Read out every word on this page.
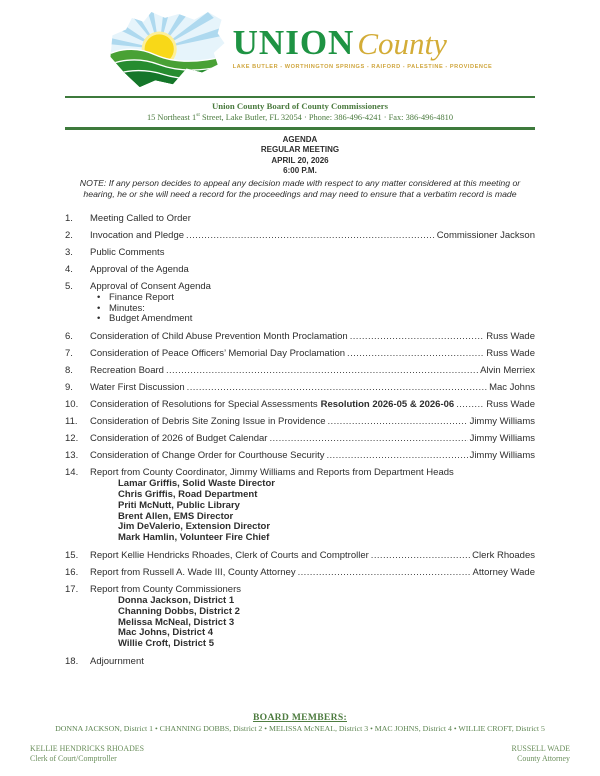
UNION County
LAKE BUTLER - WORTHINGTON SPRINGS - RAIFORD - PALESTINE - PROVIDENCE
Union County Board of County Commissioners
15 Northeast 1st Street, Lake Butler, FL 32054 · Phone: 386-496-4241 · Fax: 386-496-4810
AGENDA
REGULAR MEETING
APRIL 20, 2026
6:00 P.M.
NOTE: If any person decides to appeal any decision made with respect to any matter considered at this meeting or hearing, he or she will need a record for the proceedings and may need to ensure that a verbatim record is made
1.	Meeting Called to Order
2.	Invocation and Pledge .....	Commissioner Jackson
3.	Public Comments
4.	Approval of the Agenda
5.	Approval of Consent Agenda
• Finance Report
• Minutes:
• Budget Amendment
6.	Consideration of Child Abuse Prevention Month Proclamation .....	Russ Wade
7.	Consideration of Peace Officers’ Memorial Day Proclamation .....	Russ Wade
8.	Recreation Board .....	Alvin Merriex
9.	Water First Discussion .....	Mac Johns
10.	Consideration of Resolutions for Special Assessments Resolution 2026-05 & 2026-06 .....	Russ Wade
11.	Consideration of Debris Site Zoning Issue in Providence .....	Jimmy Williams
12.	Consideration of 2026 of Budget Calendar .....	Jimmy Williams
13.	Consideration of Change Order for Courthouse Security .....	Jimmy Williams
14.	Report from County Coordinator, Jimmy Williams and Reports from Department Heads
Lamar Griffis, Solid Waste Director
Chris Griffis, Road Department
Priti McNutt, Public Library
Brent Allen, EMS Director
Jim DeValerio, Extension Director
Mark Hamlin, Volunteer Fire Chief
15.	Report Kellie Hendricks Rhoades, Clerk of Courts and Comptroller .....	Clerk Rhoades
16.	Report from Russell A. Wade III, County Attorney .....	Attorney Wade
17.	Report from County Commissioners
Donna Jackson, District 1
Channing Dobbs, District 2
Melissa McNeal, District 3
Mac Johns, District 4
Willie Croft, District 5
18.	Adjournment
BOARD MEMBERS:
DONNA JACKSON, District 1 • CHANNING DOBBS, District 2 • MELISSA McNEAL, District 3 • MAC JOHNS, District 4 • WILLIE CROFT, District 5
KELLIE HENDRICKS RHOADES
Clerk of Court/Comptroller
RUSSELL WADE
County Attorney
